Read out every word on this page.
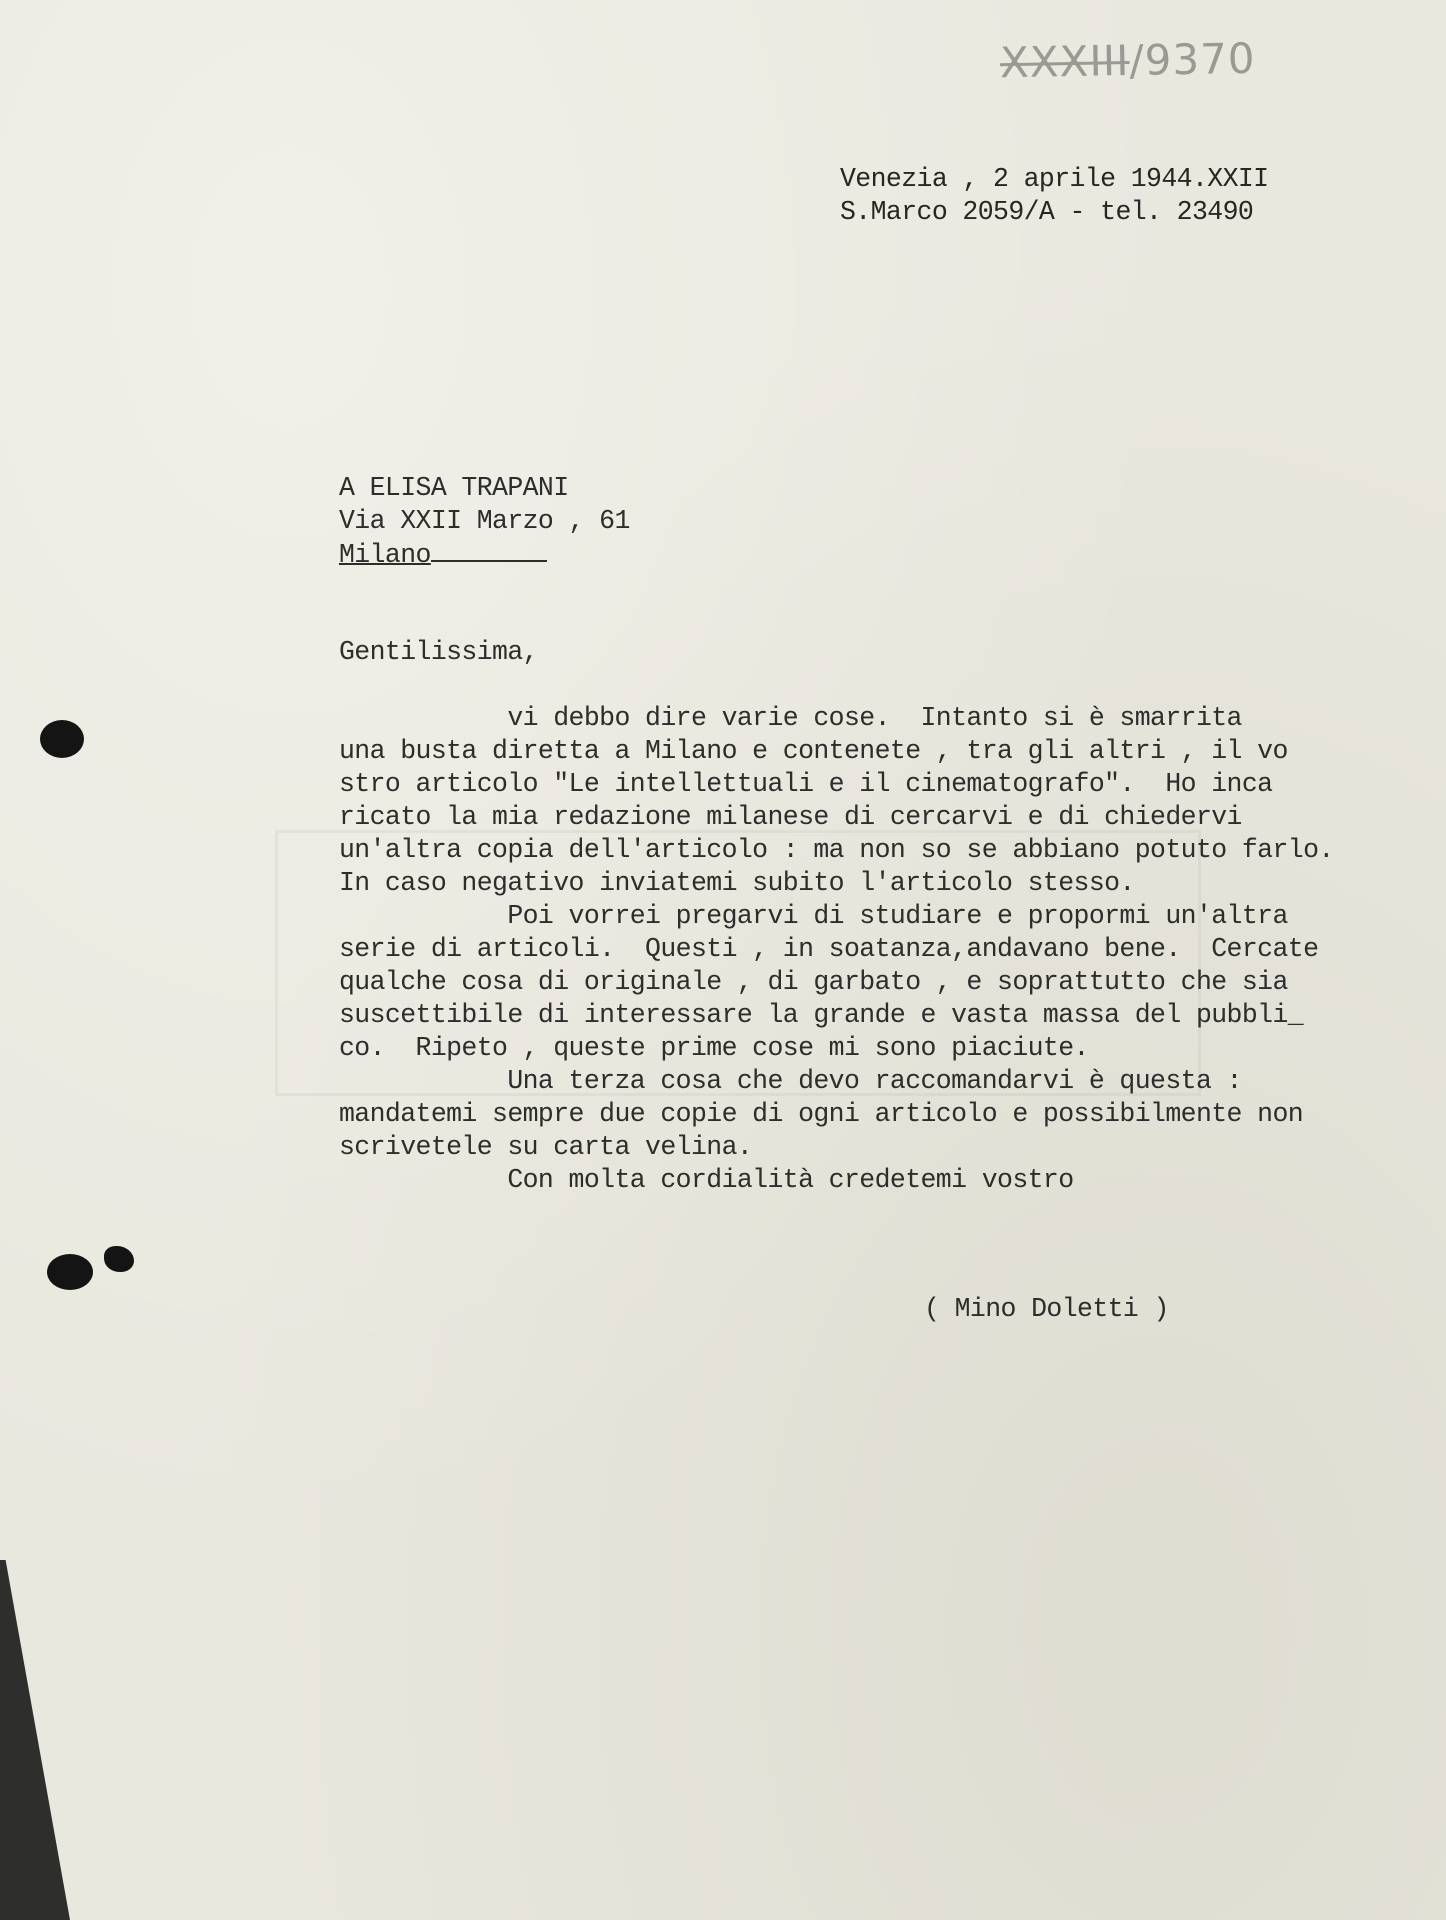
XXXIII/9370
Venezia , 2 aprile 1944.XXII
S.Marco 2059/A - tel. 23490
A ELISA TRAPANI
Via XXII Marzo , 61
Milano
Gentilissima,

vi debbo dire varie cose.  Intanto si è smarrita
una busta diretta a Milano e contenete , tra gli altri , il vo
stro articolo "Le intellettuali e il cinematografo".  Ho inca
ricato la mia redazione milanese di cercarvi e di chiedervi
un'altra copia dell'articolo : ma non so se abbiano potuto farlo.
In caso negativo inviatemi subito l'articolo stesso.
Poi vorrei pregarvi di studiare e propormi un'altra
serie di articoli.  Questi , in soatanza,andavano bene.  Cercate
qualche cosa di originale , di garbato , e soprattutto che sia
suscettibile di interessare la grande e vasta massa del pubbli_
co.  Ripeto , queste prime cose mi sono piaciute.
Una terza cosa che devo raccomandarvi è questa :
mandatemi sempre due copie di ogni articolo e possibilmente non
scrivetele su carta velina.
Con molta cordialità credetemi vostro

( Mino Doletti )
